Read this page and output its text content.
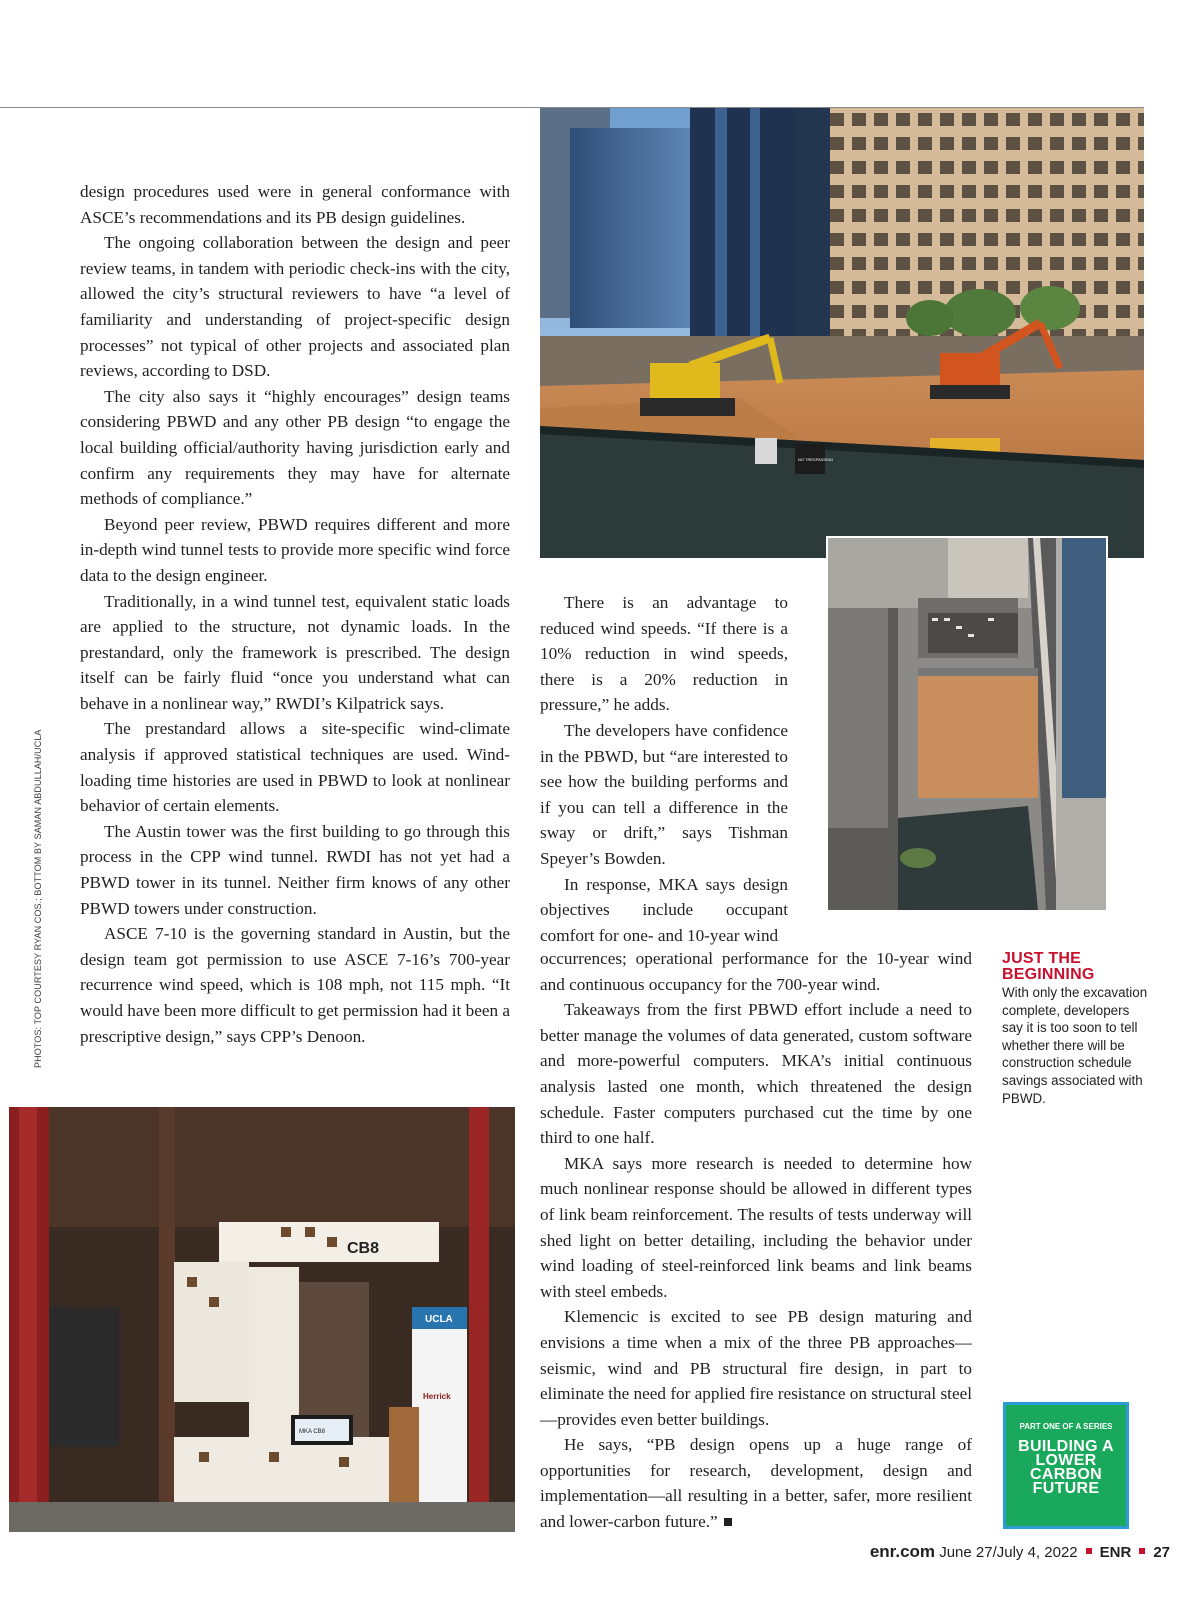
NO TRESPASSING
CB8
MKA CB8
UCLA
Herrick

design procedures used were in general conformance with ASCE’s recommendations and its PB design guidelines.

The ongoing collaboration between the design and peer review teams, in tandem with periodic check-ins with the city, allowed the city’s structural reviewers to have “a level of familiarity and understanding of project-specific design processes” not typical of other projects and associated plan reviews, according to DSD.

The city also says it “highly encourages” design teams considering PBWD and any other PB design “to engage the local building official/authority having jurisdiction early and confirm any requirements they may have for alternate methods of compliance.”

Beyond peer review, PBWD requires different and more in-depth wind tunnel tests to provide more specific wind force data to the design engineer.

Traditionally, in a wind tunnel test, equivalent static loads are applied to the structure, not dynamic loads. In the prestandard, only the framework is prescribed. The design itself can be fairly fluid “once you understand what can behave in a nonlinear way,” RWDI’s Kilpatrick says.

The prestandard allows a site-specific wind-climate analysis if approved statistical techniques are used. Wind-loading time histories are used in PBWD to look at nonlinear behavior of certain elements.

The Austin tower was the first building to go through this process in the CPP wind tunnel. RWDI has not yet had a PBWD tower in its tunnel. Neither firm knows of any other PBWD towers under construction.

ASCE 7-10 is the governing standard in Austin, but the design team got permission to use ASCE 7-16’s 700-year recurrence wind speed, which is 108 mph, not 115 mph. “It would have been more difficult to get permission had it been a prescriptive design,” says CPP’s Denoon.

There is an advantage to reduced wind speeds. “If there is a 10% reduction in wind speeds, there is a 20% reduction in pressure,” he adds.

The developers have confidence in the PBWD, but “are interested to see how the building performs and if you can tell a difference in the sway or drift,” says Tishman Speyer’s Bowden.

In response, MKA says design objectives include occupant comfort for one- and 10-year wind

occurrences; operational performance for the 10-year wind and continuous occupancy for the 700-year wind.

Takeaways from the first PBWD effort include a need to better manage the volumes of data generated, custom software and more-powerful computers. MKA’s initial continuous analysis lasted one month, which threatened the design schedule. Faster computers purchased cut the time by one third to one half.

MKA says more research is needed to determine how much nonlinear response should be allowed in different types of link beam reinforcement. The results of tests underway will shed light on better detailing, including the behavior under wind loading of steel-reinforced link beams and link beams with steel embeds.

Klemencic is excited to see PB design maturing and envisions a time when a mix of the three PB approaches—seismic, wind and PB structural fire design, in part to eliminate the need for applied fire resistance on structural steel—provides even better buildings.

He says, “PB design opens up a huge range of opportunities for research, development, design and implementation—all resulting in a better, safer, more resilient and lower-carbon future.”

PHOTOS: TOP COURTESY RYAN COS.; BOTTOM BY SAMAN ABDULLAH/UCLA	JUST THE BEGINNING
With only the excavation complete, developers say it is too soon to tell whether there will be construction schedule savings associated with PBWD.
PART ONE OF A SERIES
BUILDING A LOWER CARBON FUTURE
enr.com June 27/July 4, 2022 ENR 27
